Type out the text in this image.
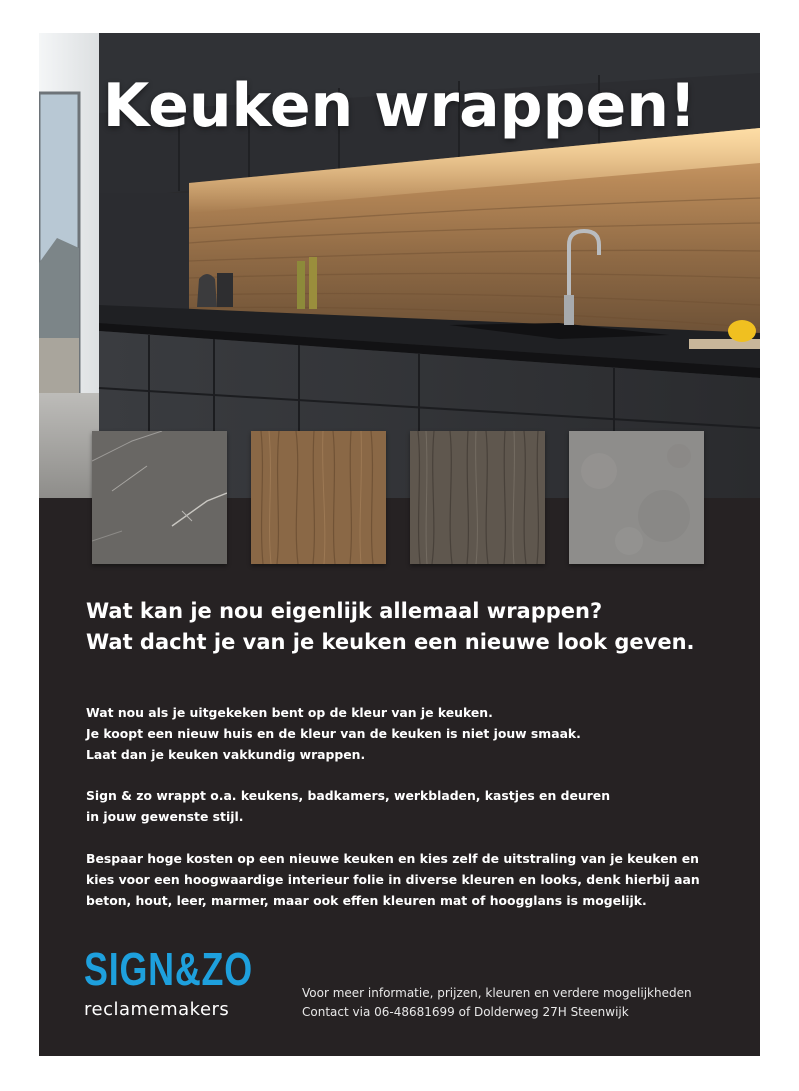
Keuken wrappen!

Wat kan je nou eigenlijk allemaal wrappen?
Wat dacht je van je keuken een nieuwe look geven.

Wat nou als je uitgekeken bent op de kleur van je keuken.
Je koopt een nieuw huis en de kleur van de keuken is niet jouw smaak.
Laat dan je keuken vakkundig wrappen.

Sign & zo wrappt o.a. keukens, badkamers, werkbladen, kastjes en deuren
in jouw gewenste stijl.

Bespaar hoge kosten op een nieuwe keuken en kies zelf de uitstraling van je keuken en
kies voor een hoogwaardige interieur folie in diverse kleuren en looks, denk hierbij aan
beton, hout, leer, marmer, maar ook effen kleuren mat of hoogglans is mogelijk.

SIGN&ZO
reclamemakers

Voor meer informatie, prijzen, kleuren en verdere mogelijkheden
Contact via 06-48681699 of Dolderweg 27H Steenwijk
